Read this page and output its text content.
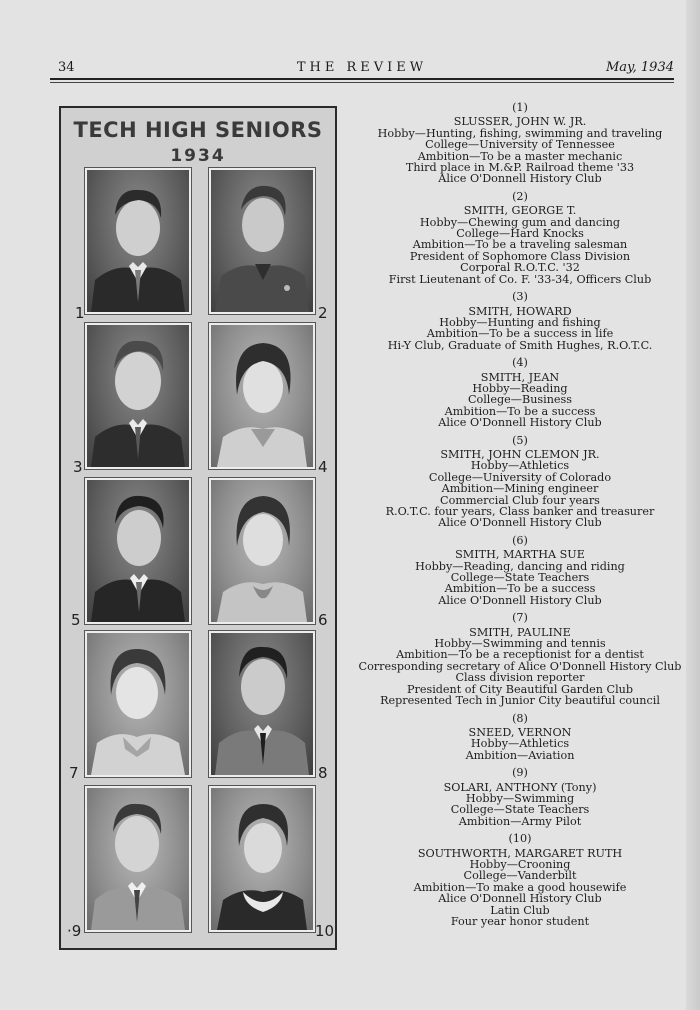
34	THE REVIEW	May, 1934
TECH HIGH SENIORS
1934
1	2
3	4
5	6
7	8
·9	10
(1)
SLUSSER, JOHN W. JR.
Hobby—Hunting, fishing, swimming and traveling
College—University of Tennessee
Ambition—To be a master mechanic
Third place in M.&P. Railroad theme '33
Alice O'Donnell History Club
(2)
SMITH, GEORGE T.
Hobby—Chewing gum and dancing
College—Hard Knocks
Ambition—To be a traveling salesman
President of Sophomore Class Division
Corporal R.O.T.C. '32
First Lieutenant of Co. F. '33-34, Officers Club
(3)
SMITH, HOWARD
Hobby—Hunting and fishing
Ambition—To be a success in life
Hi-Y Club, Graduate of Smith Hughes, R.O.T.C.
(4)
SMITH, JEAN
Hobby—Reading
College—Business
Ambition—To be a success
Alice O'Donnell History Club
(5)
SMITH, JOHN CLEMON JR.
Hobby—Athletics
College—University of Colorado
Ambition—Mining engineer
Commercial Club four years
R.O.T.C. four years, Class banker and treasurer
Alice O'Donnell History Club
(6)
SMITH, MARTHA SUE
Hobby—Reading, dancing and riding
College—State Teachers
Ambition—To be a success
Alice O'Donnell History Club
(7)
SMITH, PAULINE
Hobby—Swimming and tennis
Ambition—To be a receptionist for a dentist
Corresponding secretary of Alice O'Donnell History Club
Class division reporter
President of City Beautiful Garden Club
Represented Tech in Junior City beautiful council
(8)
SNEED, VERNON
Hobby—Athletics
Ambition—Aviation
(9)
SOLARI, ANTHONY (Tony)
Hobby—Swimming
College—State Teachers
Ambition—Army Pilot
(10)
SOUTHWORTH, MARGARET RUTH
Hobby—Crooning
College—Vanderbilt
Ambition—To make a good housewife
Alice O'Donnell History Club
Latin Club
Four year honor student
